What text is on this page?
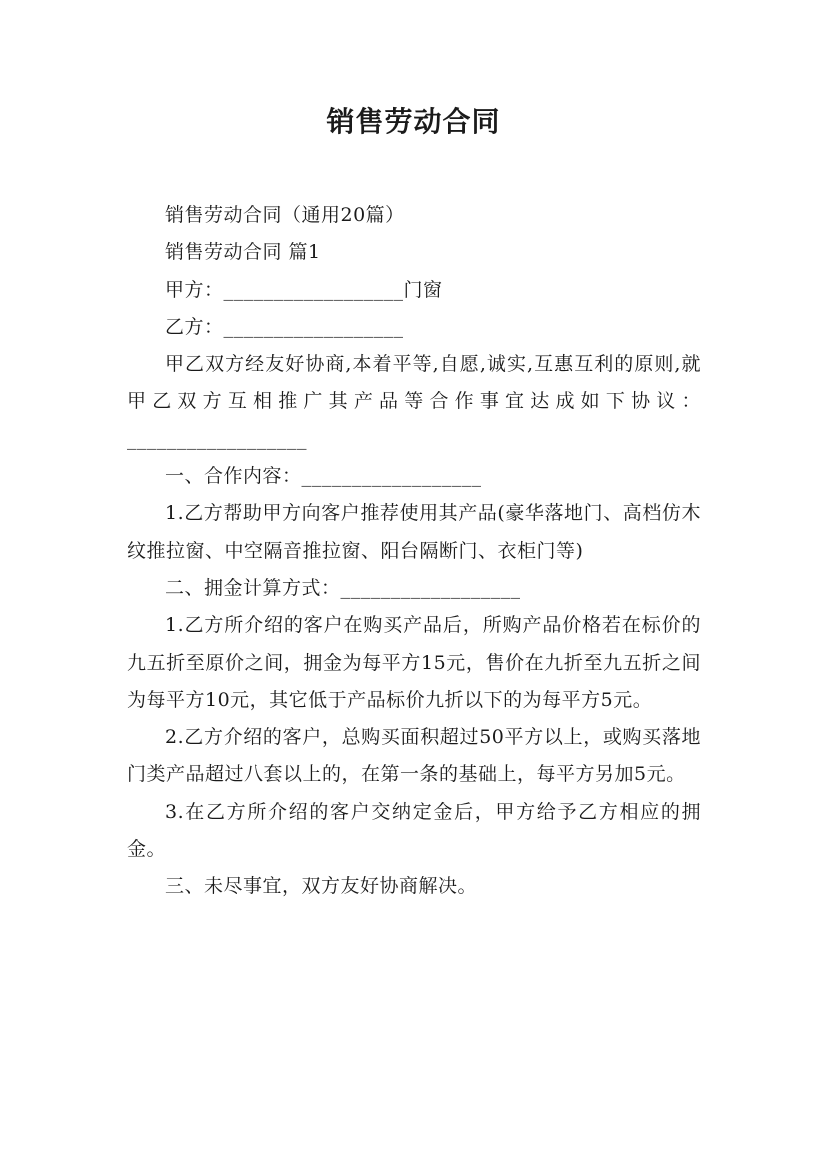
销售劳动合同

销售劳动合同（通用20篇）

销售劳动合同 篇1

甲方：__________________门窗

乙方：__________________

甲乙双方经友好协商,本着平等,自愿,诚实,互惠互利的原则,就甲乙双方互相推广其产品等合作事宜达成如下协议：__________________

一、合作内容：__________________

1.乙方帮助甲方向客户推荐使用其产品(豪华落地门、高档仿木纹推拉窗、中空隔音推拉窗、阳台隔断门、衣柜门等)

二、拥金计算方式：__________________

1.乙方所介绍的客户在购买产品后，所购产品价格若在标价的九五折至原价之间，拥金为每平方15元，售价在九折至九五折之间为每平方10元，其它低于产品标价九折以下的为每平方5元。

2.乙方介绍的客户，总购买面积超过50平方以上，或购买落地门类产品超过八套以上的，在第一条的基础上，每平方另加5元。

3.在乙方所介绍的客户交纳定金后，甲方给予乙方相应的拥金。

三、未尽事宜，双方友好协商解决。
